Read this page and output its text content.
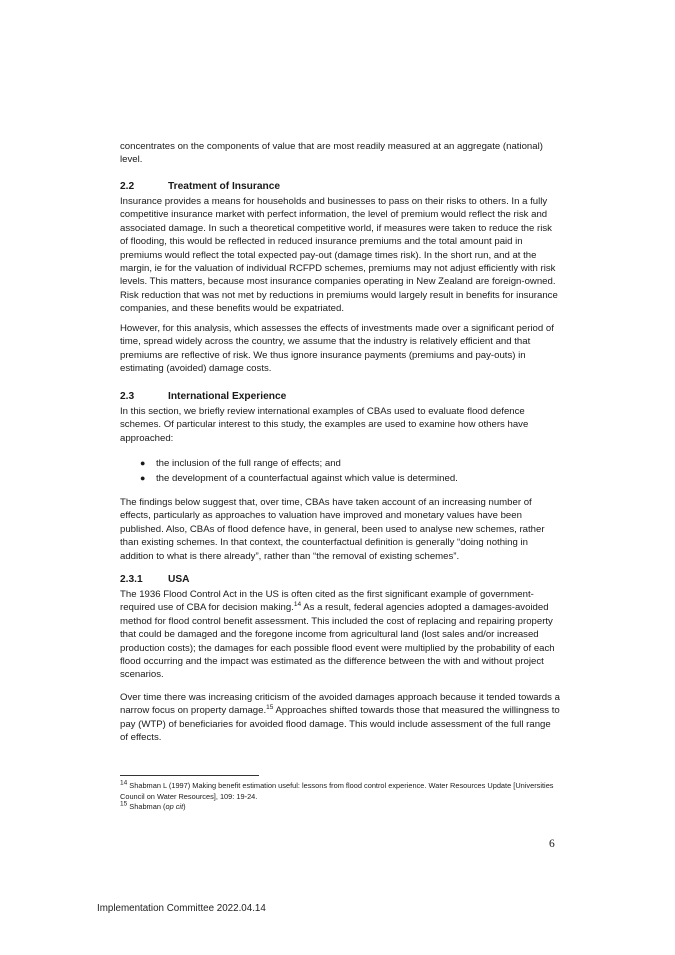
concentrates on the components of value that are most readily measured at an aggregate (national) level.

2.2	Treatment of Insurance

Insurance provides a means for households and businesses to pass on their risks to others. In a fully competitive insurance market with perfect information, the level of premium would reflect the risk and associated damage. In such a theoretical competitive world, if measures were taken to reduce the risk of flooding, this would be reflected in reduced insurance premiums and the total amount paid in premiums would reflect the total expected pay-out (damage times risk). In the short run, and at the margin, ie for the valuation of individual RCFPD schemes, premiums may not adjust efficiently with risk levels. This matters, because most insurance companies operating in New Zealand are foreign-owned. Risk reduction that was not met by reductions in premiums would largely result in benefits for insurance companies, and these benefits would be expatriated.

However, for this analysis, which assesses the effects of investments made over a significant period of time, spread widely across the country, we assume that the industry is relatively efficient and that premiums are reflective of risk. We thus ignore insurance payments (premiums and pay-outs) in estimating (avoided) damage costs.

2.3	International Experience

In this section, we briefly review international examples of CBAs used to evaluate flood defence schemes. Of particular interest to this study, the examples are used to examine how others have approached:

● the inclusion of the full range of effects; and
● the development of a counterfactual against which value is determined.

The findings below suggest that, over time, CBAs have taken account of an increasing number of effects, particularly as approaches to valuation have improved and monetary values have been published. Also, CBAs of flood defence have, in general, been used to analyse new schemes, rather than existing schemes. In that context, the counterfactual definition is generally “doing nothing in addition to what is there already”, rather than “the removal of existing schemes”.

2.3.1 USA

The 1936 Flood Control Act in the US is often cited as the first significant example of government-required use of CBA for decision making.$^{14}$ As a result, federal agencies adopted a damages-avoided method for flood control benefit assessment. This included the cost of replacing and repairing property that could be damaged and the foregone income from agricultural land (lost sales and/or increased production costs); the damages for each possible flood event were multiplied by the probability of each flood occurring and the impact was estimated as the difference between the with and without project scenarios.

Over time there was increasing criticism of the avoided damages approach because it tended towards a narrow focus on property damage.$^{15}$ Approaches shifted towards those that measured the willingness to pay (WTP) of beneficiaries for avoided flood damage. This would include assessment of the full range of effects.

$^{14}$ Shabman L (1997) Making benefit estimation useful: lessons from flood control experience. Water Resources Update [Universities Council on Water Resources], 109: 19-24.

$^{15}$ Shabman (op cit)

6
Implementation Committee 2022.04.14
